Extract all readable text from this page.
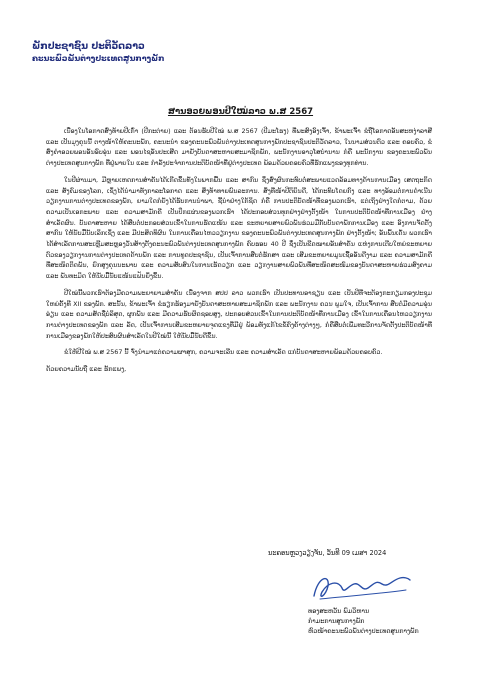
ພັກປະຊາຊົນ ປະຕິວັດລາວ
ຄະນະພົວພັນຕ່າງປະເທດສູນກາງພັກ
ສານອວຍພອນປີໃໝ່ລາວ ພ.ສ 2567

ເນື່ອງໃນໂອກາດສົ່ງທ້າຍປີເກົ່າ (ປີກະຕ່າຍ) ແລະ ຕ້ອນຮັບປີໃໝ່ ພ.ສ 2567 (ປີມະໂຮງ) ທີ່ພະສົງອົງເຈົ້າ, ຂ້າພະເຈົ້າ ຂໍຖືໂອກາດອັນສະຫງ່າລາສີ ແລະ ເປັນມຸງຄຸນນີ້ ຕາງໜ້າໃຫ້ຄະນະພັກ, ຄະນະນຳ ຂອງຄະນະພົວພັນຕ່າງປະເທດສູນກາງພັກປະຊາຊົນປະຕິວັດລາວ, ໃນນາມສ່ວນຕົວ ແລະ ຄອບຄົວ, ຂໍສົ່ງຄຳອວຍພອນອັນອົບອຸ່ນ ແລະ ພອນໄຊອັນປະເສີດ ມາຍັງບັນດາສະຫາຍສະມາຊິກພັກ, ພະນັກງານອາວຸໂສບຳນານ ກໍຄື ພະນັກງານ ຂອງຄະນະພົວພັນຕ່າງປະເທດສູນກາງພັກ ທີ່ຢູ່ພາຍໃນ ແລະ ກຳລັງປະຈຳການປະຕິບັດໜ້າທີ່ຢູ່ຕ່າງປະເທດ ພ້ອມດ້ວຍຄອບຄົວທີ່ຮັກແພງຂອງທຸກທ່ານ.

ໃນປີຜ່ານມາ, ມີຫຼາຍເຫດການສຳຄັນໄດ້ເກີດຂຶ້ນທັງໃນພາກພື້ນ ແລະ ສາກົນ ຊຶ່ງສົ່ງຜົນກະທົບຕໍ່ສະພາບແວດລ້ອມທາງດ້ານການເມືອງ ເສດຖະກິດ ແລະ ສັງຄົມຂອງໂລກ, ເຊິ່ງໄດ້ນຳມາທັງກາລະໂອກາດ ແລະ ສິ່ງທ້າທາຍພົນລະການ. ສິ່ງທີ່ໜ້າປີຕິຍິນດີ, ໄດ້ກະທົບໂດຍກົງ ແລະ ທາງອ້ອມຕໍ່ການດຳເນີນວຽກງານການຕ່າງປະເທດຂອງພັກ, ຍາມໃດກໍຍັງໄດ້ຮັບການນຳພາ, ຊີ້ນຳຢ່າງໃກ້ຊິດ ກໍຄື ການປະຕິບັດໜ້າທີ່ຂອງພວກເຮົາ, ແຕ່ເຖິງຢ່າງໃດກໍຕາມ, ດ້ວຍຄວາມເປັນເອກະພາບ ແລະ ຄວາມສາມັກຄີ ເປັນປຶກແຜ່ນຂອງພວກເຮົາ ໄດ້ປະກອບສ່ວນທຸກຢ່າງຢ່າງຕັ້ງໜ້າ ໃນການປະຕິບັດໜ້າທີ່ການເມືອງ ຢ່າງສຳເລັດຜົນ. ບັນດາສະຫາຍ ໄດ້ສືບຕໍ່ປະກອບສ່ວນເຂົ້າໃນການຮັດແໜ້ນ ແລະ ຂະຫຍາຍສາຍພົວພັນຮ່ວມມືກັບບັນດາພັກການເມືອງ ແລະ ອົງການຈັດຕັ້ງສາກົນ ໃຫ້ນັບມື້ນັບເລິກເຊິ່ງ ແລະ ມີປະສິດທິຜົນ ໃນການເຄື່ອນໄຫວວຽກງານ ຂອງຄະນະພົວພັນຕ່າງປະເທດສູນກາງພັກ ຢ່າງຕັ້ງໜ້າ; ອັນພົ້ນເດັ່ນ ພວກເຮົາໄດ້ສຳເລັດການສະເຫຼີມສະຫຼອງວັນສ້າງຕັ້ງຄະນະພົວພັນຕ່າງປະເທດສູນກາງພັກ ຄົບຮອບ 40 ປີ ຊຶ່ງເປັນຂີດໝາຍອັນສຳຄັນ ແຫ່ງການເຕີບໃຫຍ່ຂະຫຍາຍຕົວຂອງວຽກງານການຕ່າງປະເທດດ້ານພັກ ແລະ ການທູດປະຊາຊົນ, ເປັນເຈົ້າການສືບຕໍ່ຮັກສາ ແລະ ເສີມຂະຫຍາຍມູນເຊື້ອອັນດີງາມ ແລະ ຄວາມສາມັກຄີທີ່ສະໜິດຕິດພັນ, ຍົກສູງຄຸນນະພາບ ແລະ ຄວາມສັບສົນໃນການເຮັດວຽກ ແລະ ວຽກງານສາຍພົວພັນທີ່ສະໜິດສະໜົມຂອງບັນດາສະຫາຍຮ່ວມສົງຄາມ ແລະ ພັນທະມິດ ໃຫ້ນັບມື້ນັບແໜ້ນແຟ້ນຍິ່ງຂຶ້ນ.

ປີໃໝ່ນີ້ພວກເຮົາຕ້ອງມີຄວາມພະຍາຍາມສຳຄັນ ເນື່ອງຈາກ ສປປ ລາວ ພວກເຮົາ ເປັນປະທານອາຊຽນ ແລະ ເປັນປີທີ່ຈະຕ້ອງກະກຽມກອງປະຊຸມໃຫຍ່ຄັ້ງທີ XII ຂອງພັກ. ສະນັ້ນ, ຂ້າພະເຈົ້າ ຂໍຮຽກຮ້ອງມາຍັງບັນດາສະຫາຍສະມາຊິກພັກ ແລະ ພະນັກງານ ຄວນ ພູມໃຈ, ເປັນເຈົ້າການ ສືບຕໍ່ມີຄວາມອຸ່ນອ່ຽນ ແລະ ຄວາມສັດຊື່ບໍລິສຸດ, ຜູກພັນ ແລະ ມີຄວາມຮັບຜິດຊອບສູງ, ປະກອບສ່ວນເຂົ້າໃນການປະຕິບັດໜ້າທີ່ການເມືອງ ເຂົ້າໃນການເຄື່ອນໄຫວວຽກງານການຕ່າງປະເທດຂອງພັກ ແລະ ລັດ, ເປັນເຈົ້າການເສີມຂະຫຍາຍຈຸດແຂງທີ່ມີຢູ່ ພ້ອມທັງແກ້ໄຂຂໍ້ຄົງຄ້າງຕ່າງໆ, ກໍຄືສືບຕໍ່ເພີ່ມທະວີການຈັດຕັ້ງປະຕິບັດໜ້າທີ່ການເມືອງຂອງພັກໃຫ້ປະສົບຜົນສຳເລັດໃນປີໃໝ່ນີ້ ໃຫ້ນັບມື້ນັບດີຂຶ້ນ.

ຂໍໃຫ້ປີໃໝ່ ພ.ສ 2567 ນີ້ ຈົ່ງນຳມາແຕ່ຄວາມຜາສຸກ, ຄວາມຈະເລີນ ແລະ ຄວາມສຳເລັດ ແກ່ບັນດາສະຫາຍພ້ອມດ້ວຍຄອບຄົວ.

ດ້ວຍຄວາມນັບຖື ແລະ ຮັກແພງ,

ນະຄອນຫຼວງວຽງຈັນ, ວັນທີ 09 ເມສາ 2024
ທອງສະຫວັນ ພົມວິຫານ
ກຳມະການສູນກາງພັກ
ຫົວໜ້າຄະນະພົວພັນຕ່າງປະເທດສູນກາງພັກ
